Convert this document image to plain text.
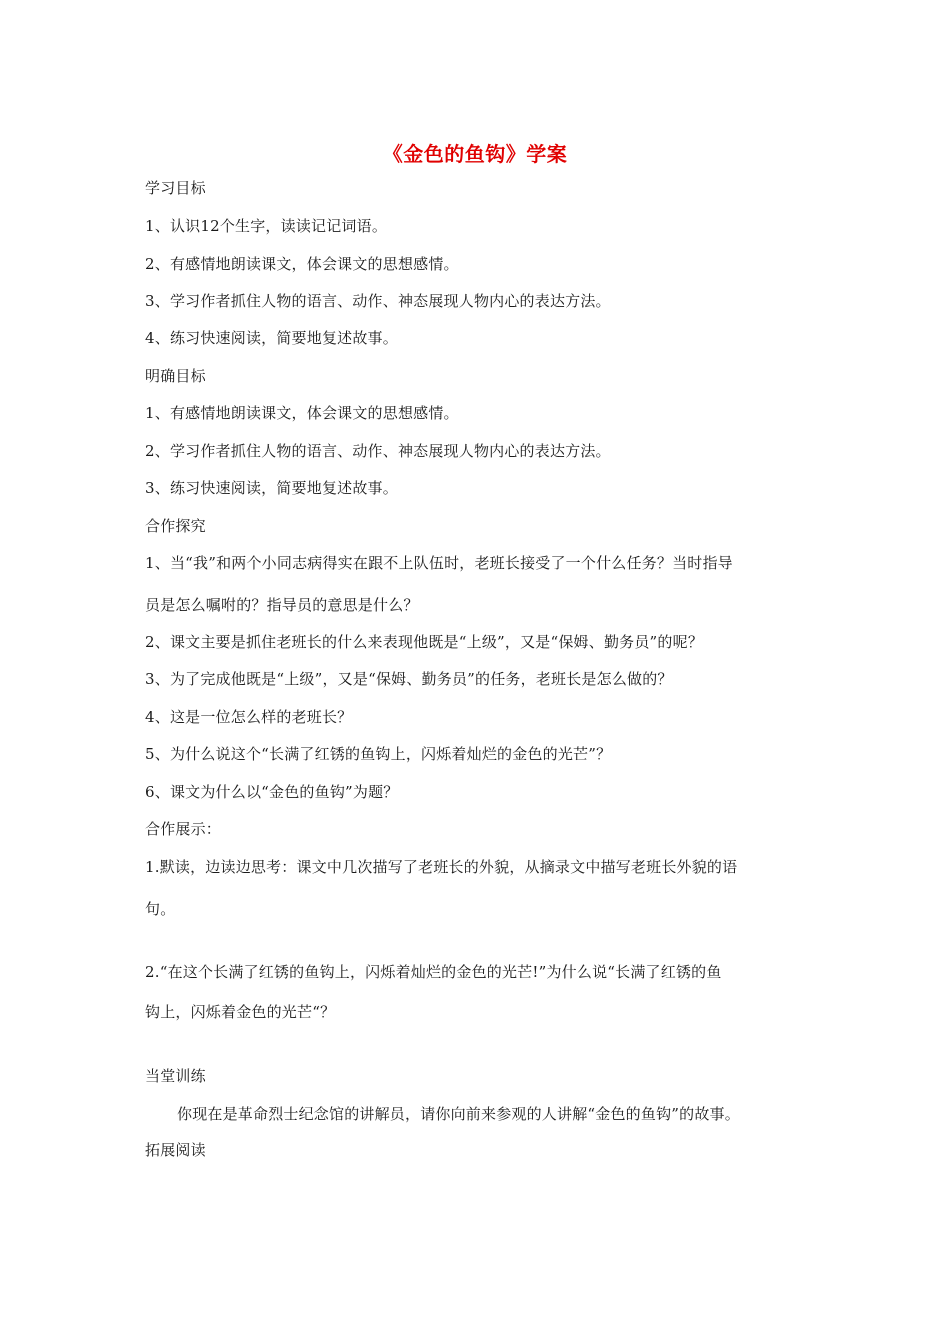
《金色的鱼钩》学案
学习目标
1、认识12个生字，读读记记词语。
2、有感情地朗读课文，体会课文的思想感情。
3、学习作者抓住人物的语言、动作、神态展现人物内心的表达方法。
4、练习快速阅读，简要地复述故事。
明确目标
1、有感情地朗读课文，体会课文的思想感情。
2、学习作者抓住人物的语言、动作、神态展现人物内心的表达方法。
3、练习快速阅读，简要地复述故事。
合作探究
1、当“我”和两个小同志病得实在跟不上队伍时，老班长接受了一个什么任务？当时指导
员是怎么嘱咐的？指导员的意思是什么？
2、课文主要是抓住老班长的什么来表现他既是“上级”，又是“保姆、勤务员”的呢？
3、为了完成他既是“上级”，又是“保姆、勤务员”的任务，老班长是怎么做的？
4、这是一位怎么样的老班长？
5、为什么说这个“长满了红锈的鱼钩上，闪烁着灿烂的金色的光芒”？
6、课文为什么以“金色的鱼钩”为题？
合作展示：
1.默读，边读边思考：课文中几次描写了老班长的外貌，从摘录文中描写老班长外貌的语
句。
2.“在这个长满了红锈的鱼钩上，闪烁着灿烂的金色的光芒!”为什么说“长满了红锈的鱼
钩上，闪烁着金色的光芒“？
当堂训练
你现在是革命烈士纪念馆的讲解员，请你向前来参观的人讲解“金色的鱼钩”的故事。
拓展阅读
